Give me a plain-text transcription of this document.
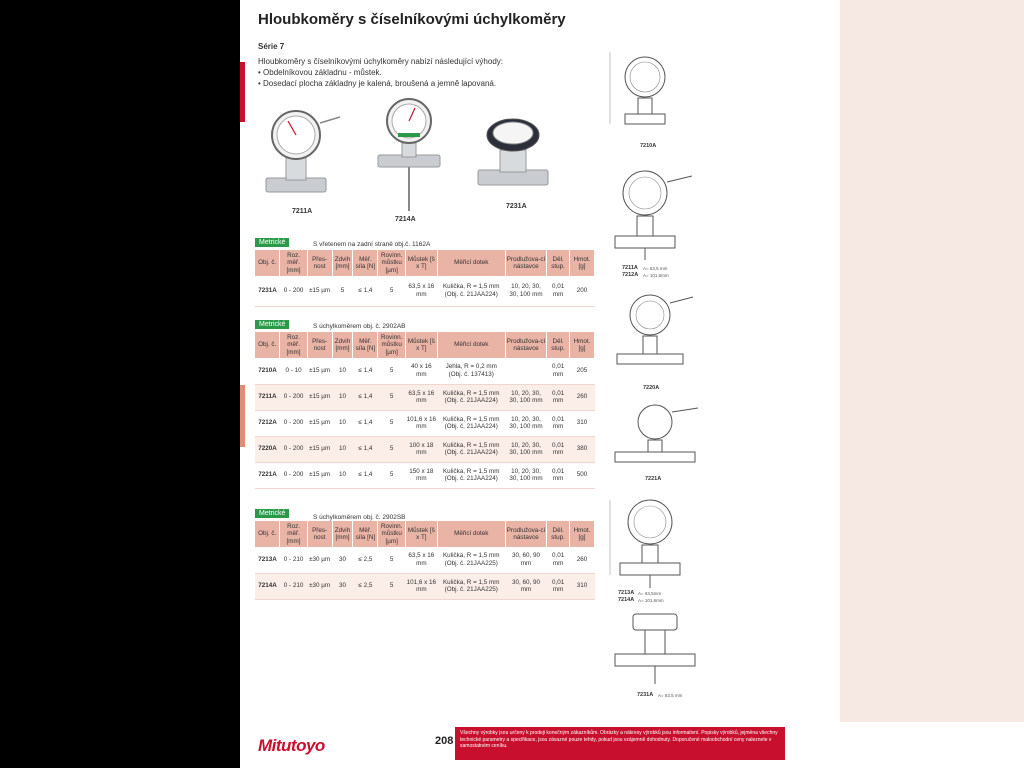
Hloubkoměry s číselníkovými úchylkoměry
Série 7
Hloubkoměry s číselníkovými úchylkoměry nabízí následující výhody:
• Obdelníkovou základnu - můstek.
• Dosedací plocha základny je kalená, broušená a jemně lapovaná.
7211A
7214A
7231A
Metrické	S vřetenem na zadní straně obj.č. 1162A
Obj. č.	Roz. měř. [mm]	Přes-nost	Zdvih [mm]	Měř. síla [N]	Rovinn. můstku [µm]	Můstek [š x T]	Měřicí dotek	Prodlužova-cí nástavce	Děl. stup.	Hmot. [g]
7231A	0 - 200	±15 µm	5	≤ 1,4	5	63,5 x 16 mm	Kulička, R = 1,5 mm (Obj. č. 21JAA224)	10, 20, 30, 30, 100 mm	0,01 mm	200
Metrické	S úchylkoměrem obj. č. 2902AB
Obj. č.	Roz. měř. [mm]	Přes-nost	Zdvih [mm]	Měř. síla [N]	Rovinn. můstku [µm]	Můstek [š x T]	Měřicí dotek	Prodlužova-cí nástavce	Děl. stup.	Hmot. [g]
7210A	0 - 10	±15 µm	10	≤ 1,4	5	40 x 16 mm	Jehla, R = 0,2 mm (Obj. č. 137413)		0,01 mm	205
7211A	0 - 200	±15 µm	10	≤ 1,4	5	63,5 x 16 mm	Kulička, R = 1,5 mm (Obj. č. 21JAA224)	10, 20, 30, 30, 100 mm	0,01 mm	260
7212A	0 - 200	±15 µm	10	≤ 1,4	5	101,6 x 16 mm	Kulička, R = 1,5 mm (Obj. č. 21JAA224)	10, 20, 30, 30, 100 mm	0,01 mm	310
7220A	0 - 200	±15 µm	10	≤ 1,4	5	100 x 18 mm	Kulička, R = 1,5 mm (Obj. č. 21JAA224)	10, 20, 30, 30, 100 mm	0,01 mm	380
7221A	0 - 200	±15 µm	10	≤ 1,4	5	150 x 18 mm	Kulička, R = 1,5 mm (Obj. č. 21JAA224)	10, 20, 30, 30, 100 mm	0,01 mm	500
Metrické
S úchylkoměrem obj. č. 2902SB
Obj. č.	Roz. měř. [mm]	Přes-nost	Zdvih [mm]	Měř. síla [N]	Rovinn. můstku [µm]	Můstek [š x T]	Měřicí dotek	Prodlužova-cí nástavce	Děl. stup.	Hmot. [g]
7213A	0 - 210	±30 µm	30	≤ 2,5	5	63,5 x 16 mm	Kulička, R = 1,5 mm (Obj. č. 21JAA225)	30, 60, 90 mm	0,01 mm	260
7214A	0 - 210	±30 µm	30	≤ 2,5	5	101,6 x 16 mm	Kulička, R = 1,5 mm (Obj. č. 21JAA225)	30, 60, 90 mm	0,01 mm	310
7210A
7211A A= 63,5 mm
7212A A= 101,6mm
7220A
7221A
7213A A= 63,5mm
7214A A= 101,6mm
7231A A= 63,5 mm
Mitutoyo	208
Všechny výrobky jsou určeny k prodeji konečným zákazníkům. Obrázky a nákresy výrobků jsou informativní. Popisky výrobků, jejména všechny technické parametry a specifikace, jsou závazné pouze tehdy, pokud jsou vzájemně dohodnuty. Doporučené maloobchodní ceny naleznete v samostatném ceníku.
